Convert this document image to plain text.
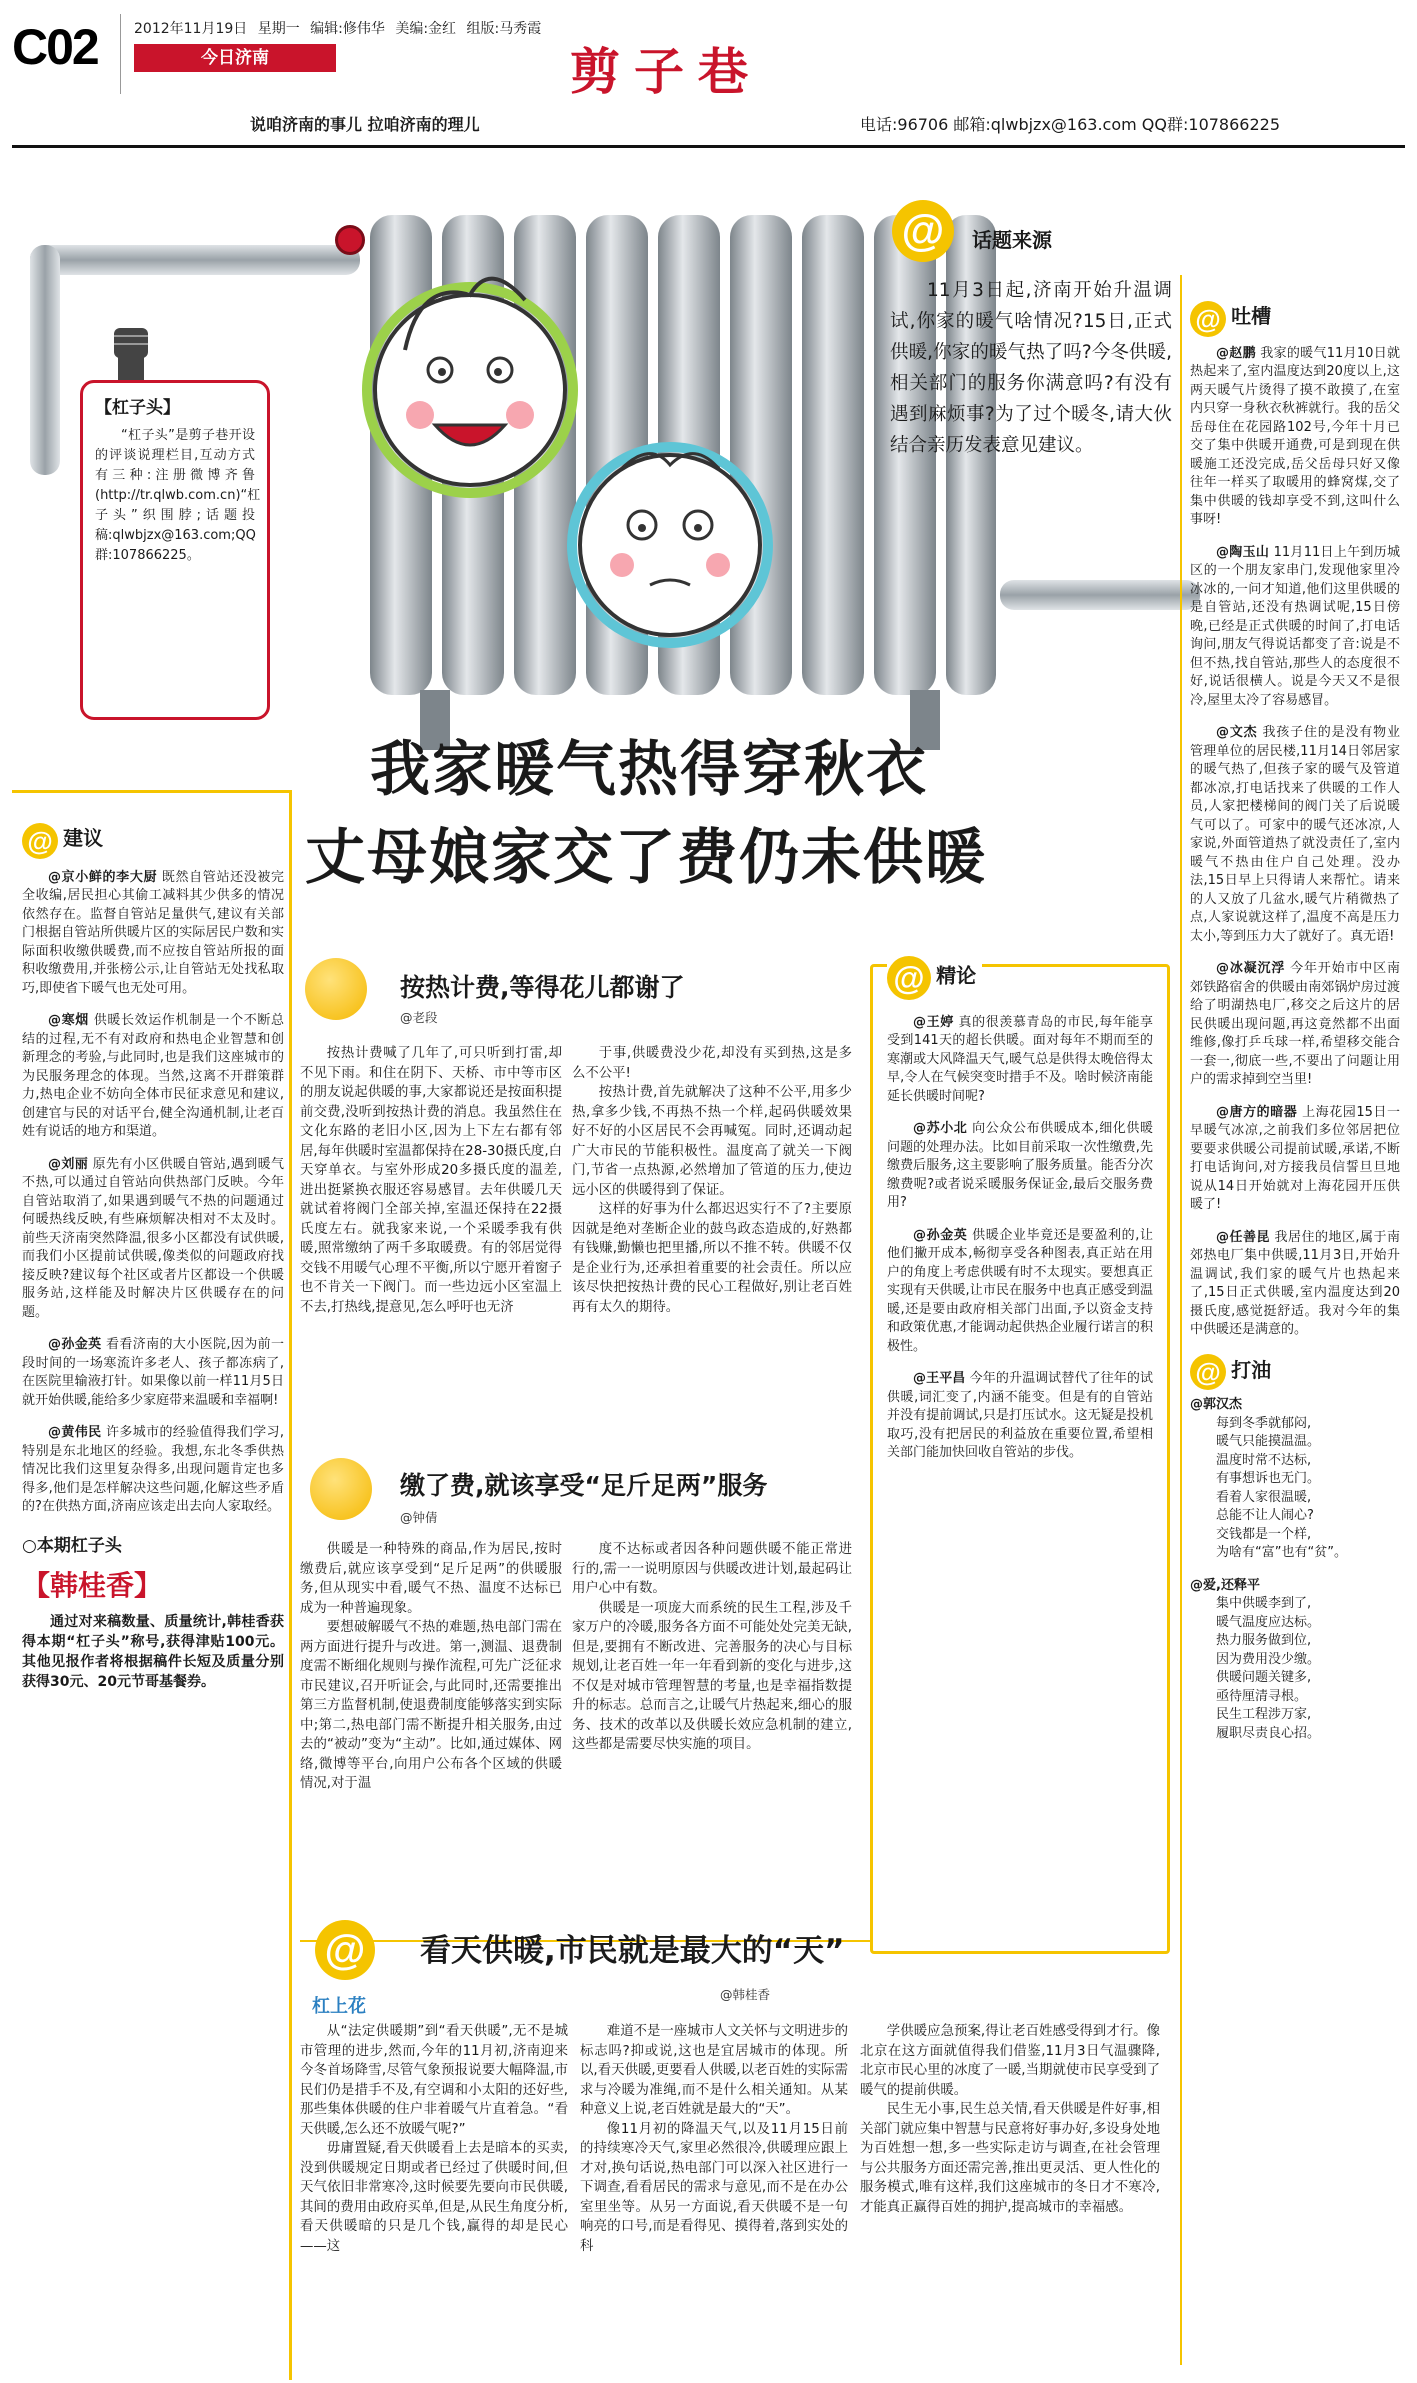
C02	2012年11月19日 星期一 编辑:修伟华 美编:金红 组版:马秀霞
今日济南	剪子巷
说咱济南的事儿 拉咱济南的理儿	电话:96706 邮箱:qlwbjzx@163.com QQ群:107866225
【杠子头】

“杠子头”是剪子巷开设的评谈说理栏目,互动方式有三种:注册微博齐鲁(http://tr.qlwb.com.cn)“杠子头”织围脖;话题投稿:qlwbjzx@163.com;QQ群:107866225。

@	话题来源

11月3日起,济南开始升温调试,你家的暖气啥情况?15日,正式供暖,你家的暖气热了吗?今冬供暖,相关部门的服务你满意吗?有没有遇到麻烦事?为了过个暖冬,请大伙结合亲历发表意见建议。

我家暖气热得穿秋衣
丈母娘家交了费仍未供暖
@ 建议

@京小鲜的李大厨 既然自管站还没被完全收编,居民担心其偷工减料其少供多的情况依然存在。监督自管站足量供气,建议有关部门根据自管站所供暖片区的实际居民户数和实际面积收缴供暖费,而不应按自管站所报的面积收缴费用,并张榜公示,让自管站无处找私取巧,即使省下暖气也无处可用。

@寒烟 供暖长效运作机制是一个不断总结的过程,无不有对政府和热电企业智慧和创新理念的考验,与此同时,也是我们这座城市的为民服务理念的体现。当然,这离不开群策群力,热电企业不妨向全体市民征求意见和建议,创建官与民的对话平台,健全沟通机制,让老百姓有说话的地方和渠道。

@刘丽 原先有小区供暖自管站,遇到暖气不热,可以通过自管站向供热部门反映。今年自管站取消了,如果遇到暖气不热的问题通过何暖热线反映,有些麻烦解决相对不太及时。前些天济南突然降温,很多小区都没有试供暖,而我们小区提前试供暖,像类似的问题政府找接反映?建议每个社区或者片区都设一个供暖服务站,这样能及时解决片区供暖存在的问题。

@孙金英 看看济南的大小医院,因为前一段时间的一场寒流许多老人、孩子都冻病了,在医院里输液打针。如果像以前一样11月5日就开始供暖,能给多少家庭带来温暖和幸福啊!

@黄伟民 许多城市的经验值得我们学习,特别是东北地区的经验。我想,东北冬季供热情况比我们这里复杂得多,出现问题肯定也多得多,他们是怎样解决这些问题,化解这些矛盾的?在供热方面,济南应该走出去向人家取经。

○本期杠子头
【韩桂香】

通过对来稿数量、质量统计,韩桂香获得本期“杠子头”称号,获得津贴100元。其他见报作者将根据稿件长短及质量分别获得30元、20元节哥基餐券。

按热计费,等得花儿都谢了
@老段

按热计费喊了几年了,可只听到打雷,却不见下雨。和住在阴下、天桥、市中等市区的朋友说起供暖的事,大家都说还是按面积提前交费,没听到按热计费的消息。我虽然住在文化东路的老旧小区,因为上下左右都有邻居,每年供暖时室温都保持在28-30摄氏度,白天穿单衣。与室外形成20多摄氏度的温差,进出挺紧换衣服还容易感冒。去年供暖几天就试着将阀门全部关掉,室温还保持在22摄氏度左右。就我家来说,一个采暖季我有供暖,照常缴纳了两千多取暖费。有的邻居觉得交钱不用暖气心理不平衡,所以宁愿开着窗子也不肯关一下阀门。而一些边远小区室温上不去,打热线,提意见,怎么呼吁也无济

于事,供暖费没少花,却没有买到热,这是多么不公平!

按热计费,首先就解决了这种不公平,用多少热,拿多少钱,不再热不热一个样,起码供暖效果好不好的小区居民不会再喊冤。同时,还调动起广大市民的节能积极性。温度高了就关一下阀门,节省一点热源,必然增加了管道的压力,使边远小区的供暖得到了保证。

这样的好事为什么都迟迟实行不了?主要原因就是绝对垄断企业的鼓鸟政态造成的,好熟都有钱赚,勤懒也把里播,所以不推不转。供暖不仅是企业行为,还承担着重要的社会责任。所以应该尽快把按热计费的民心工程做好,别让老百姓再有太久的期待。

缴了费,就该享受“足斤足两”服务
@钟倩

供暖是一种特殊的商品,作为居民,按时缴费后,就应该享受到“足斤足两”的供暖服务,但从现实中看,暖气不热、温度不达标已成为一种普遍现象。

要想破解暖气不热的难题,热电部门需在两方面进行提升与改进。第一,测温、退费制度需不断细化规则与操作流程,可先广泛征求市民建议,召开听证会,与此同时,还需要推出第三方监督机制,使退费制度能够落实到实际中;第二,热电部门需不断提升相关服务,由过去的“被动”变为“主动”。比如,通过媒体、网络,微博等平台,向用户公布各个区域的供暖情况,对于温

度不达标或者因各种问题供暖不能正常进行的,需一一说明原因与供暖改进计划,最起码让用户心中有数。

供暖是一项庞大而系统的民生工程,涉及千家万户的冷暖,服务各方面不可能处处完美无缺,但是,要拥有不断改进、完善服务的决心与目标规划,让老百姓一年一年看到新的变化与进步,这不仅是对城市管理智慧的考量,也是幸福指数提升的标志。总而言之,让暖气片热起来,细心的服务、技术的改革以及供暖长效应急机制的建立,这些都是需要尽快实施的项目。

@ 精论

@王婷 真的很羡慕青岛的市民,每年能享受到141天的超长供暖。面对每年不期而至的寒潮或大风降温天气,暖气总是供得太晚倍得太早,令人在气候突变时措手不及。啥时候济南能延长供暖时间呢?

@苏小北 向公众公布供暖成本,细化供暖问题的处理办法。比如目前采取一次性缴费,先缴费后服务,这主要影响了服务质量。能否分次缴费呢?或者说采暖服务保证金,最后交服务费用?

@孙金英 供暖企业毕竟还是要盈利的,让他们撇开成本,畅彻享受各种图表,真正站在用户的角度上考虑供暖有时不太现实。要想真正实现有天供暖,让市民在服务中也真正感受到温暖,还是要由政府相关部门出面,予以资金支持和政策优惠,才能调动起供热企业履行诺言的积极性。

@王平昌 今年的升温调试替代了往年的试供暖,词汇变了,内涵不能变。但是有的自管站并没有提前调试,只是打压试水。这无疑是投机取巧,没有把居民的利益放在重要位置,希望相关部门能加快回收自管站的步伐。

@	看天供暖,市民就是最大的“天”
杠上花
@韩桂香

从“法定供暖期”到“看天供暖”,无不是城市管理的进步,然而,今年的11月初,济南迎来今冬首场降雪,尽管气象预报说要大幅降温,市民们仍是措手不及,有空调和小太阳的还好些,那些集体供暖的住户非着暖气片直着急。“看天供暖,怎么还不放暖气呢?”

毋庸置疑,看天供暖看上去是暗本的买卖,没到供暖规定日期或者已经过了供暖时间,但天气依旧非常寒冷,这时候要先要向市民供暖,其间的费用由政府买单,但是,从民生角度分析,看天供暖暗的只是几个钱,赢得的却是民心——这

难道不是一座城市人文关怀与文明进步的标志吗?抑或说,这也是宜居城市的体现。所以,看天供暖,更要看人供暖,以老百姓的实际需求与冷暖为准绳,而不是什么相关通知。从某种意义上说,老百姓就是最大的“天”。

像11月初的降温天气,以及11月15日前的持续寒冷天气,家里必然很冷,供暖理应跟上才对,换句话说,热电部门可以深入社区进行一下调查,看看居民的需求与意见,而不是在办公室里坐等。从另一方面说,看天供暖不是一句响亮的口号,而是看得见、摸得着,落到实处的科

学供暖应急预案,得让老百姓感受得到才行。像北京在这方面就值得我们借鉴,11月3日气温骤降,北京市民心里的冰度了一暖,当期就使市民享受到了暖气的提前供暖。

民生无小事,民生总关情,看天供暖是件好事,相关部门就应集中智慧与民意将好事办好,多设身处地为百姓想一想,多一些实际走访与调查,在社会管理与公共服务方面还需完善,推出更灵活、更人性化的服务模式,唯有这样,我们这座城市的冬日才不寒冷,才能真正赢得百姓的拥护,提高城市的幸福感。

@ 吐槽

@赵鹏 我家的暖气11月10日就热起来了,室内温度达到20度以上,这两天暖气片烫得了摸不敢摸了,在室内只穿一身秋衣秋裤就行。我的岳父岳母住在花园路102号,今年十月已交了集中供暖开通费,可是到现在供暖施工还没完成,岳父岳母只好又像往年一样买了取暖用的蜂窝煤,交了集中供暖的钱却享受不到,这叫什么事呀!

@陶玉山 11月11日上午到历城区的一个朋友家串门,发现他家里冷冰冰的,一问才知道,他们这里供暖的是自管站,还没有热调试呢,15日傍晚,已经是正式供暖的时间了,打电话询问,朋友气得说话都变了音:说是不但不热,找自管站,那些人的态度很不好,说话很横人。说是今天又不是很冷,屋里太冷了容易感冒。

@文杰 我孩子住的是没有物业管理单位的居民楼,11月14日邻居家的暖气热了,但孩子家的暖气及管道都冰凉,打电话找来了供暖的工作人员,人家把楼梯间的阀门关了后说暖气可以了。可家中的暖气还冰凉,人家说,外面管道热了就没责任了,室内暖气不热由住户自己处理。没办法,15日早上只得请人来帮忙。请来的人又放了几盆水,暖气片稍微热了点,人家说就这样了,温度不高是压力太小,等到压力大了就好了。真无语!

@冰凝沉浮 今年开始市中区南郊铁路宿舍的供暖由南郊锅炉房过渡给了明湖热电厂,移交之后这片的居民供暖出现问题,再这竟然都不出面维修,像打乒乓球一样,希望移交能合一套一,彻底一些,不要出了问题让用户的需求掉到空当里!

@唐方的暗器 上海花园15日一早暖气冰凉,之前我们多位邻居把位要要求供暖公司提前试暖,承诺,不断打电话询问,对方接我员信誓旦旦地说从14日开始就对上海花园开压供暖了!

@任善昆 我居住的地区,属于南郊热电厂集中供暖,11月3日,开始升温调试,我们家的暖气片也热起来了,15日正式供暖,室内温度达到20摄氏度,感觉挺舒适。我对今年的集中供暖还是满意的。

@ 打油
@郭汉杰
每到冬季就郁闷,
暖气只能摸温温。
温度时常不达标,
有事想诉也无门。
看着人家很温暖,
总能不让人闹心?
交钱都是一个样,
为啥有“富”也有“贫”。
@爱,还释平
集中供暖李到了,
暖气温度应达标。
热力服务做到位,
因为费用没少缴。
供暖问题关键多,
亟待厘清寻根。
民生工程涉万家,
履职尽责良心招。
